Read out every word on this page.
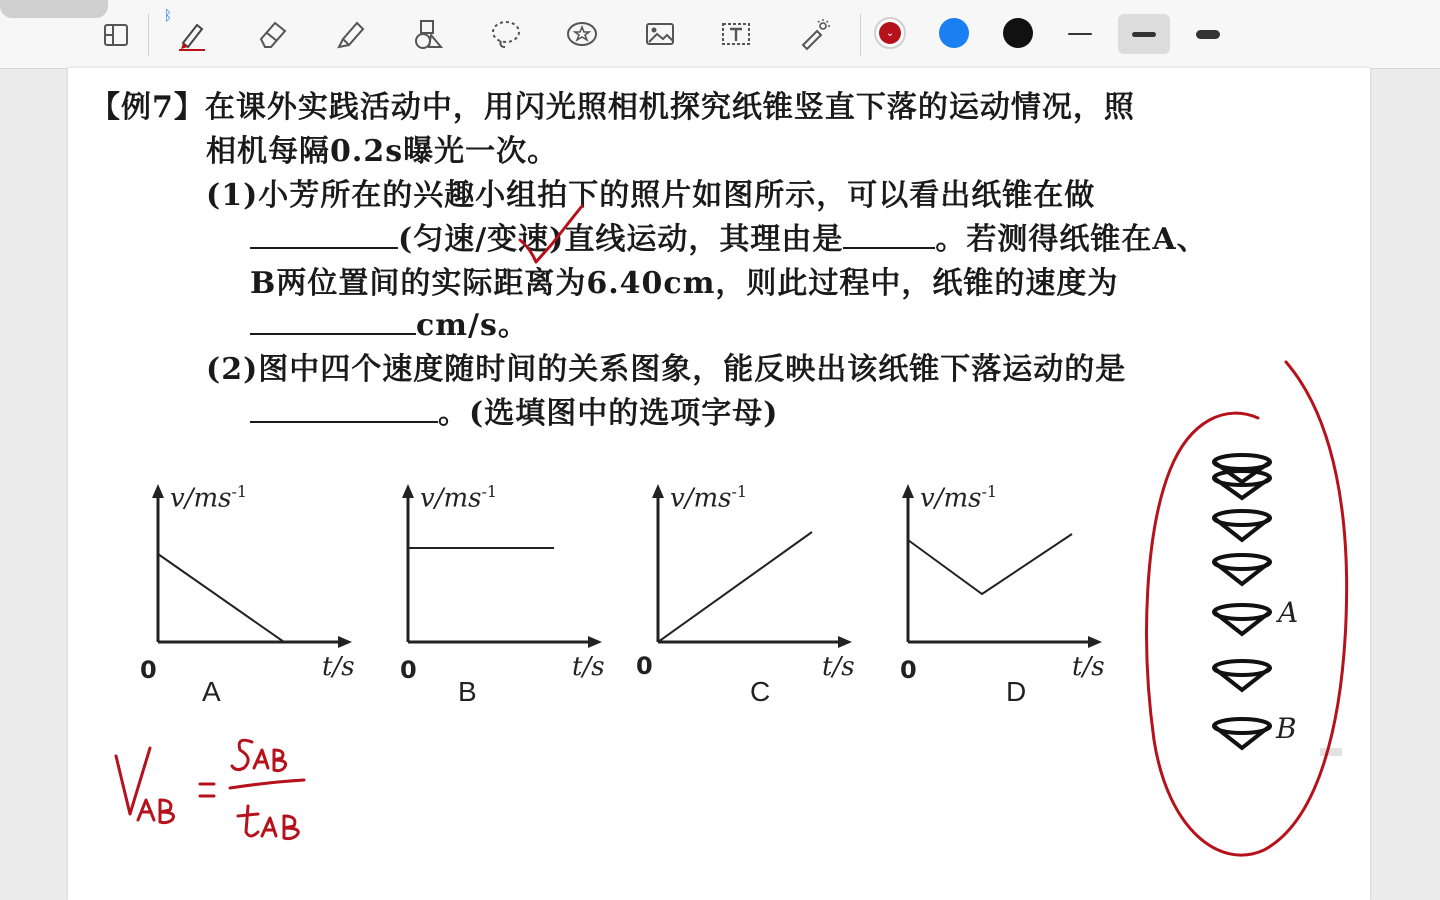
ᛒ
⌄
【例7】在课外实践活动中，用闪光照相机探究纸锥竖直下落的运动情况，照
相机每隔0.2s曝光一次。
(1)小芳所在的兴趣小组拍下的照片如图所示，可以看出纸锥在做
(匀速/变速)直线运动，其理由是	。若测得纸锥在A、
B两位置间的实际距离为6.40cm，则此过程中，纸锥的速度为
cm/s。
(2)图中四个速度随时间的关系图象，能反映出该纸锥下落运动的是
。(选填图中的选项字母)
$v/ms^{-1}$
0	t/s
A
$v/ms^{-1}$
0	t/s
B
$v/ms^{-1}$
0	t/s
C
$v/ms^{-1}$
0	t/s
D
A
B
